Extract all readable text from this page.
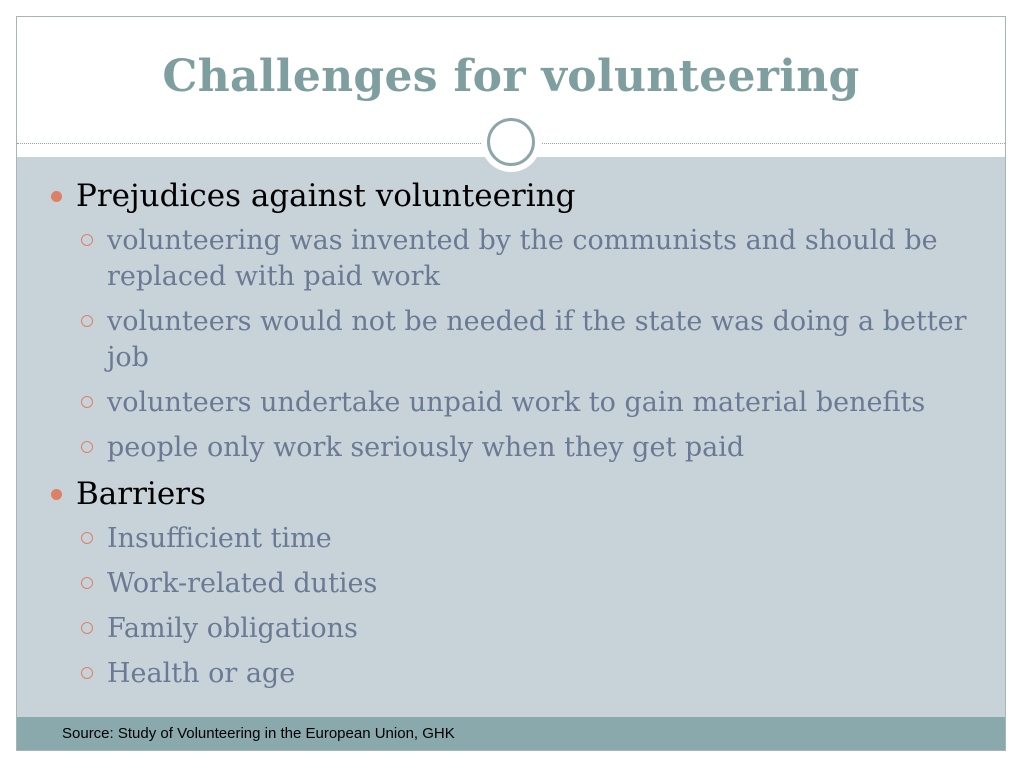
Challenges for volunteering
Prejudices against volunteering
volunteering was invented by the communists and should be replaced with paid work
volunteers would not be needed if the state was doing a better job
volunteers undertake unpaid work to gain material benefits
people only work seriously when they get paid
Barriers
Insufficient time
Work-related duties
Family obligations
Health or age
Source: Study of Volunteering in the European Union, GHK
